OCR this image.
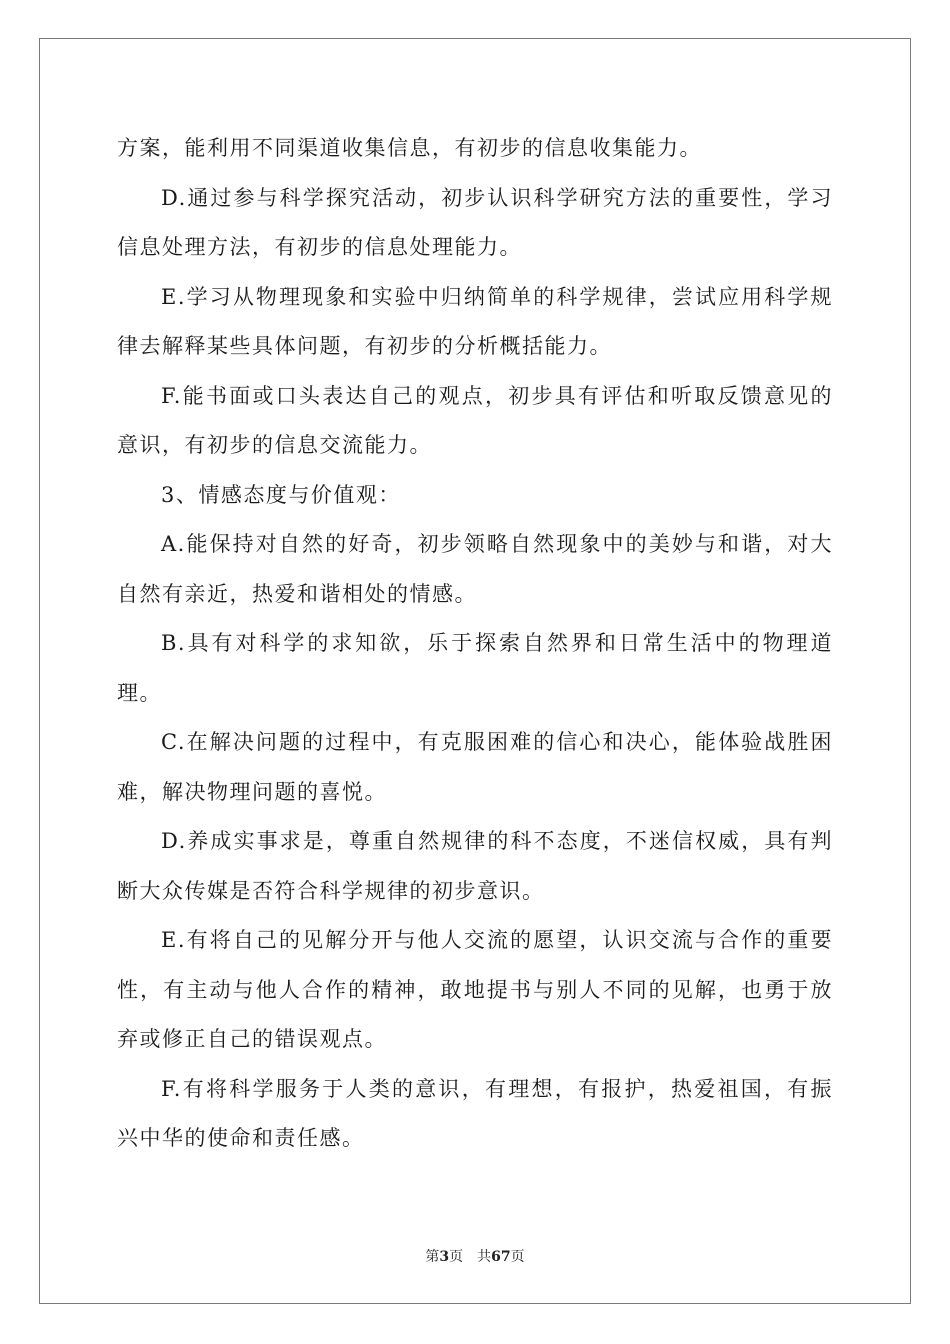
方案，能利用不同渠道收集信息，有初步的信息收集能力。

D.通过参与科学探究活动，初步认识科学研究方法的重要性，学习信息处理方法，有初步的信息处理能力。

E.学习从物理现象和实验中归纳简单的科学规律，尝试应用科学规律去解释某些具体问题，有初步的分析概括能力。

F.能书面或口头表达自己的观点，初步具有评估和听取反馈意见的意识，有初步的信息交流能力。

3、情感态度与价值观：

A.能保持对自然的好奇，初步领略自然现象中的美妙与和谐，对大自然有亲近，热爱和谐相处的情感。

B.具有对科学的求知欲，乐于探索自然界和日常生活中的物理道理。

C.在解决问题的过程中，有克服困难的信心和决心，能体验战胜困难，解决物理问题的喜悦。

D.养成实事求是，尊重自然规律的科不态度，不迷信权威，具有判断大众传媒是否符合科学规律的初步意识。

E.有将自己的见解分开与他人交流的愿望，认识交流与合作的重要性，有主动与他人合作的精神，敢地提书与别人不同的见解，也勇于放弃或修正自己的错误观点。

F.有将科学服务于人类的意识，有理想，有报护，热爱祖国，有振兴中华的使命和责任感。

第3页 共67页
